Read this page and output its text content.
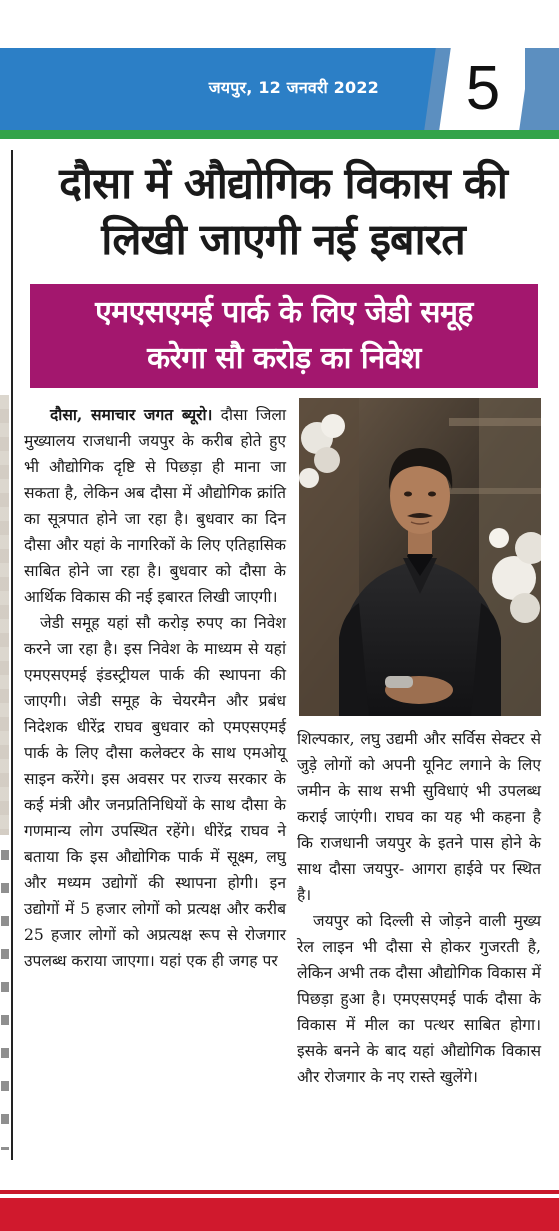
जयपुर, 12 जनवरी 2022 5
दौसा में औद्योगिक विकास की
लिखी जाएगी नई इबारत
एमएसएमई पार्क के लिए जेडी समूह
करेगा सौ करोड़ का निवेश

दौसा, समाचार जगत ब्यूरो। दौसा जिला मुख्यालय राजधानी जयपुर के करीब होते हुए भी औद्योगिक दृष्टि से पिछड़ा ही माना जा सकता है, लेकिन अब दौसा में औद्योगिक क्रांति का सूत्रपात होने जा रहा है। बुधवार का दिन दौसा और यहां के नागरिकों के लिए एतिहासिक साबित होने जा रहा है। बुधवार को दौसा के आर्थिक विकास की नई इबारत लिखी जाएगी।

जेडी समूह यहां सौ करोड़ रुपए का निवेश करने जा रहा है। इस निवेश के माध्यम से यहां एमएसएमई इंडस्ट्रीयल पार्क की स्थापना की जाएगी। जेडी समूह के चेयरमैन और प्रबंध निदेशक धीरेंद्र राघव बुधवार को एमएसएमई पार्क के लिए दौसा कलेक्टर के साथ एमओयू साइन करेंगे। इस अवसर पर राज्य सरकार के कई मंत्री और जनप्रतिनिधियों के साथ दौसा के गणमान्य लोग उपस्थित रहेंगे। धीरेंद्र राघव ने बताया कि इस औद्योगिक पार्क में सूक्ष्म, लघु और मध्यम उद्योगों की स्थापना होगी। इन उद्योगों में 5 हजार लोगों को प्रत्यक्ष और करीब 25 हजार लोगों को अप्रत्यक्ष रूप से रोजगार उपलब्ध कराया जाएगा। यहां एक ही जगह पर

शिल्पकार, लघु उद्यमी और सर्विस सेक्टर से जुड़े लोगों को अपनी यूनिट लगाने के लिए जमीन के साथ सभी सुविधाएं भी उपलब्ध कराई जाएंगी। राघव का यह भी कहना है कि राजधानी जयपुर के इतने पास होने के साथ दौसा जयपुर- आगरा हाईवे पर स्थित है।

जयपुर को दिल्ली से जोड़ने वाली मुख्य रेल लाइन भी दौसा से होकर गुजरती है, लेकिन अभी तक दौसा औद्योगिक विकास में पिछड़ा हुआ है। एमएसएमई पार्क दौसा के विकास में मील का पत्थर साबित होगा। इसके बनने के बाद यहां औद्योगिक विकास और रोजगार के नए रास्ते खुलेंगे।
